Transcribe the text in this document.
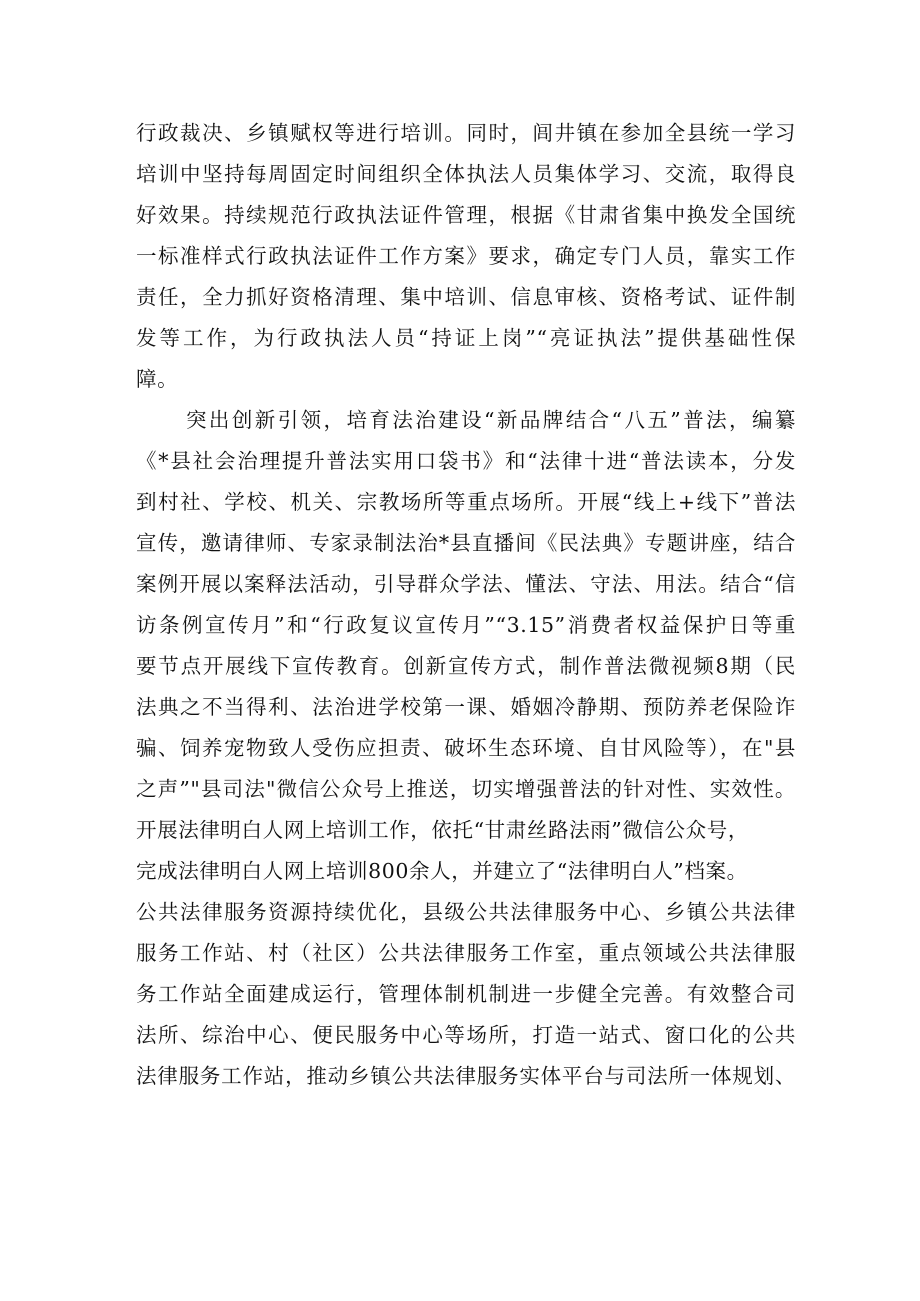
行政裁决、乡镇赋权等进行培训。同时，闾井镇在参加全县统一学习
培训中坚持每周固定时间组织全体执法人员集体学习、交流，取得良
好效果。持续规范行政执法证件管理，根据《甘肃省集中换发全国统
一标准样式行政执法证件工作方案》要求，确定专门人员，靠实工作
责任，全力抓好资格清理、集中培训、信息审核、资格考试、证件制
发等工作，为行政执法人员“持证上岗”“亮证执法”提供基础性保
障。
突出创新引领，培育法治建设“新品牌结合“八五”普法，编纂
《*县社会治理提升普法实用口袋书》和“法律十进“普法读本，分发
到村社、学校、机关、宗教场所等重点场所。开展“线上+线下”普法
宣传，邀请律师、专家录制法治*县直播间《民法典》专题讲座，结合
案例开展以案释法活动，引导群众学法、懂法、守法、用法。结合“信
访条例宣传月”和“行政复议宣传月”“3.15”消费者权益保护日等重
要节点开展线下宣传教育。创新宣传方式，制作普法微视频8期（民
法典之不当得利、法治进学校第一课、婚姻冷静期、预防养老保险诈
骗、饲养宠物致人受伤应担责、破坏生态环境、自甘风险等），在"县
之声”"县司法"微信公众号上推送，切实增强普法的针对性、实效性。
开展法律明白人网上培训工作，依托“甘肃丝路法雨”微信公众号，
完成法律明白人网上培训800余人，并建立了“法律明白人”档案。
公共法律服务资源持续优化，县级公共法律服务中心、乡镇公共法律
服务工作站、村（社区）公共法律服务工作室，重点领域公共法律服
务工作站全面建成运行，管理体制机制进一步健全完善。有效整合司
法所、综治中心、便民服务中心等场所，打造一站式、窗口化的公共
法律服务工作站，推动乡镇公共法律服务实体平台与司法所一体规划、
